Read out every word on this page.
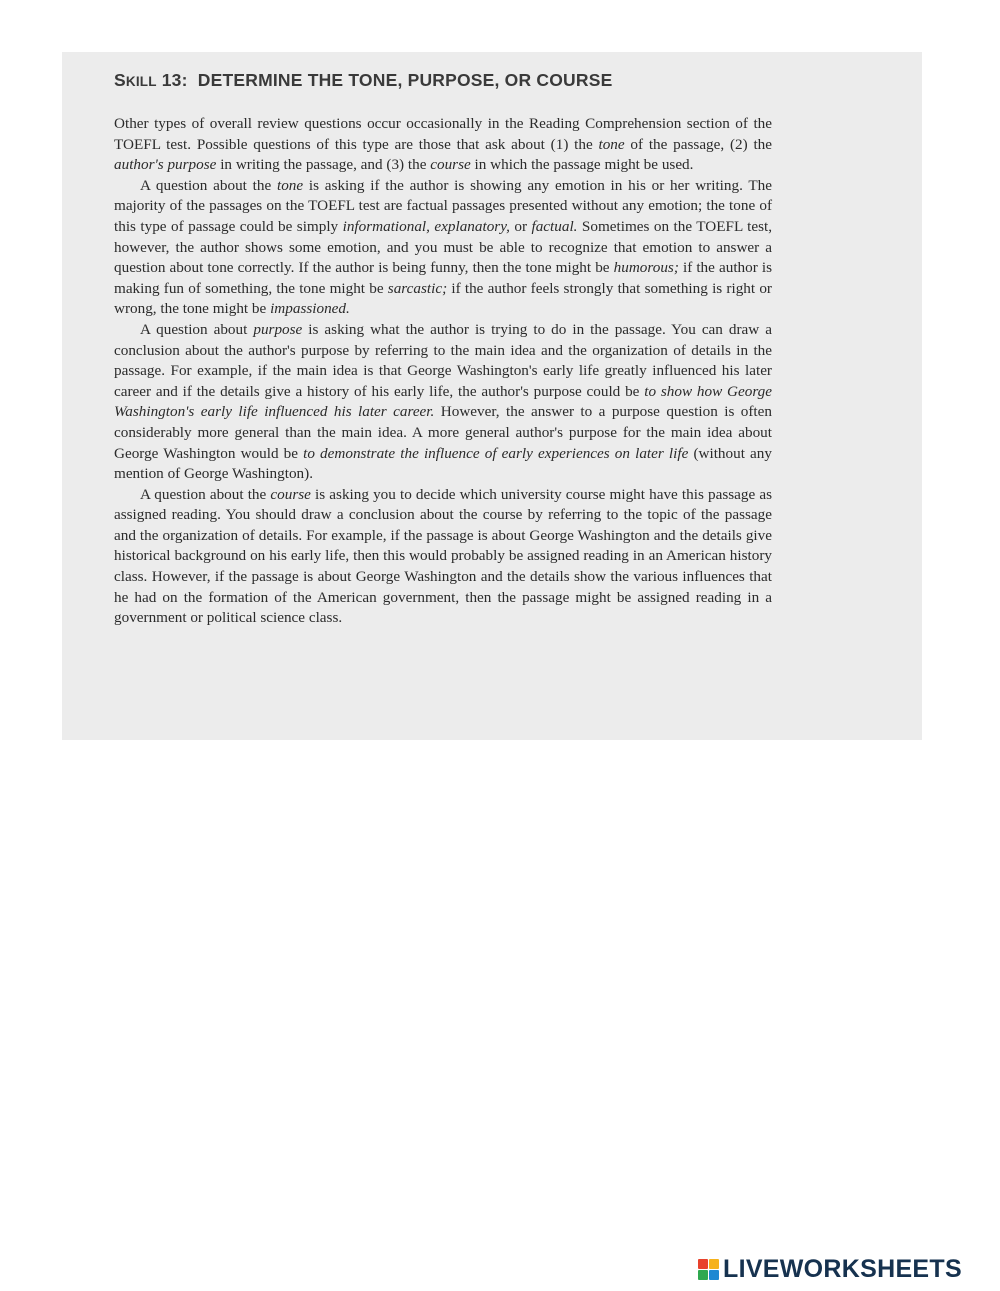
SKILL 13: DETERMINE THE TONE, PURPOSE, OR COURSE

Other types of overall review questions occur occasionally in the Reading Comprehension section of the TOEFL test. Possible questions of this type are those that ask about (1) the tone of the passage, (2) the author's purpose in writing the passage, and (3) the course in which the passage might be used.

A question about the tone is asking if the author is showing any emotion in his or her writing. The majority of the passages on the TOEFL test are factual passages presented without any emotion; the tone of this type of passage could be simply informational, explanatory, or factual. Sometimes on the TOEFL test, however, the author shows some emotion, and you must be able to recognize that emotion to answer a question about tone correctly. If the author is being funny, then the tone might be humorous; if the author is making fun of something, the tone might be sarcastic; if the author feels strongly that something is right or wrong, the tone might be impassioned.

A question about purpose is asking what the author is trying to do in the passage. You can draw a conclusion about the author's purpose by referring to the main idea and the organization of details in the passage. For example, if the main idea is that George Washington's early life greatly influenced his later career and if the details give a history of his early life, the author's purpose could be to show how George Washington's early life influenced his later career. However, the answer to a purpose question is often considerably more general than the main idea. A more general author's purpose for the main idea about George Washington would be to demonstrate the influence of early experiences on later life (without any mention of George Washington).

A question about the course is asking you to decide which university course might have this passage as assigned reading. You should draw a conclusion about the course by referring to the topic of the passage and the organization of details. For example, if the passage is about George Washington and the details give historical background on his early life, then this would probably be assigned reading in an American history class. However, if the passage is about George Washington and the details show the various influences that he had on the formation of the American government, then the passage might be assigned reading in a government or political science class.

LIVEWORKSHEETS
